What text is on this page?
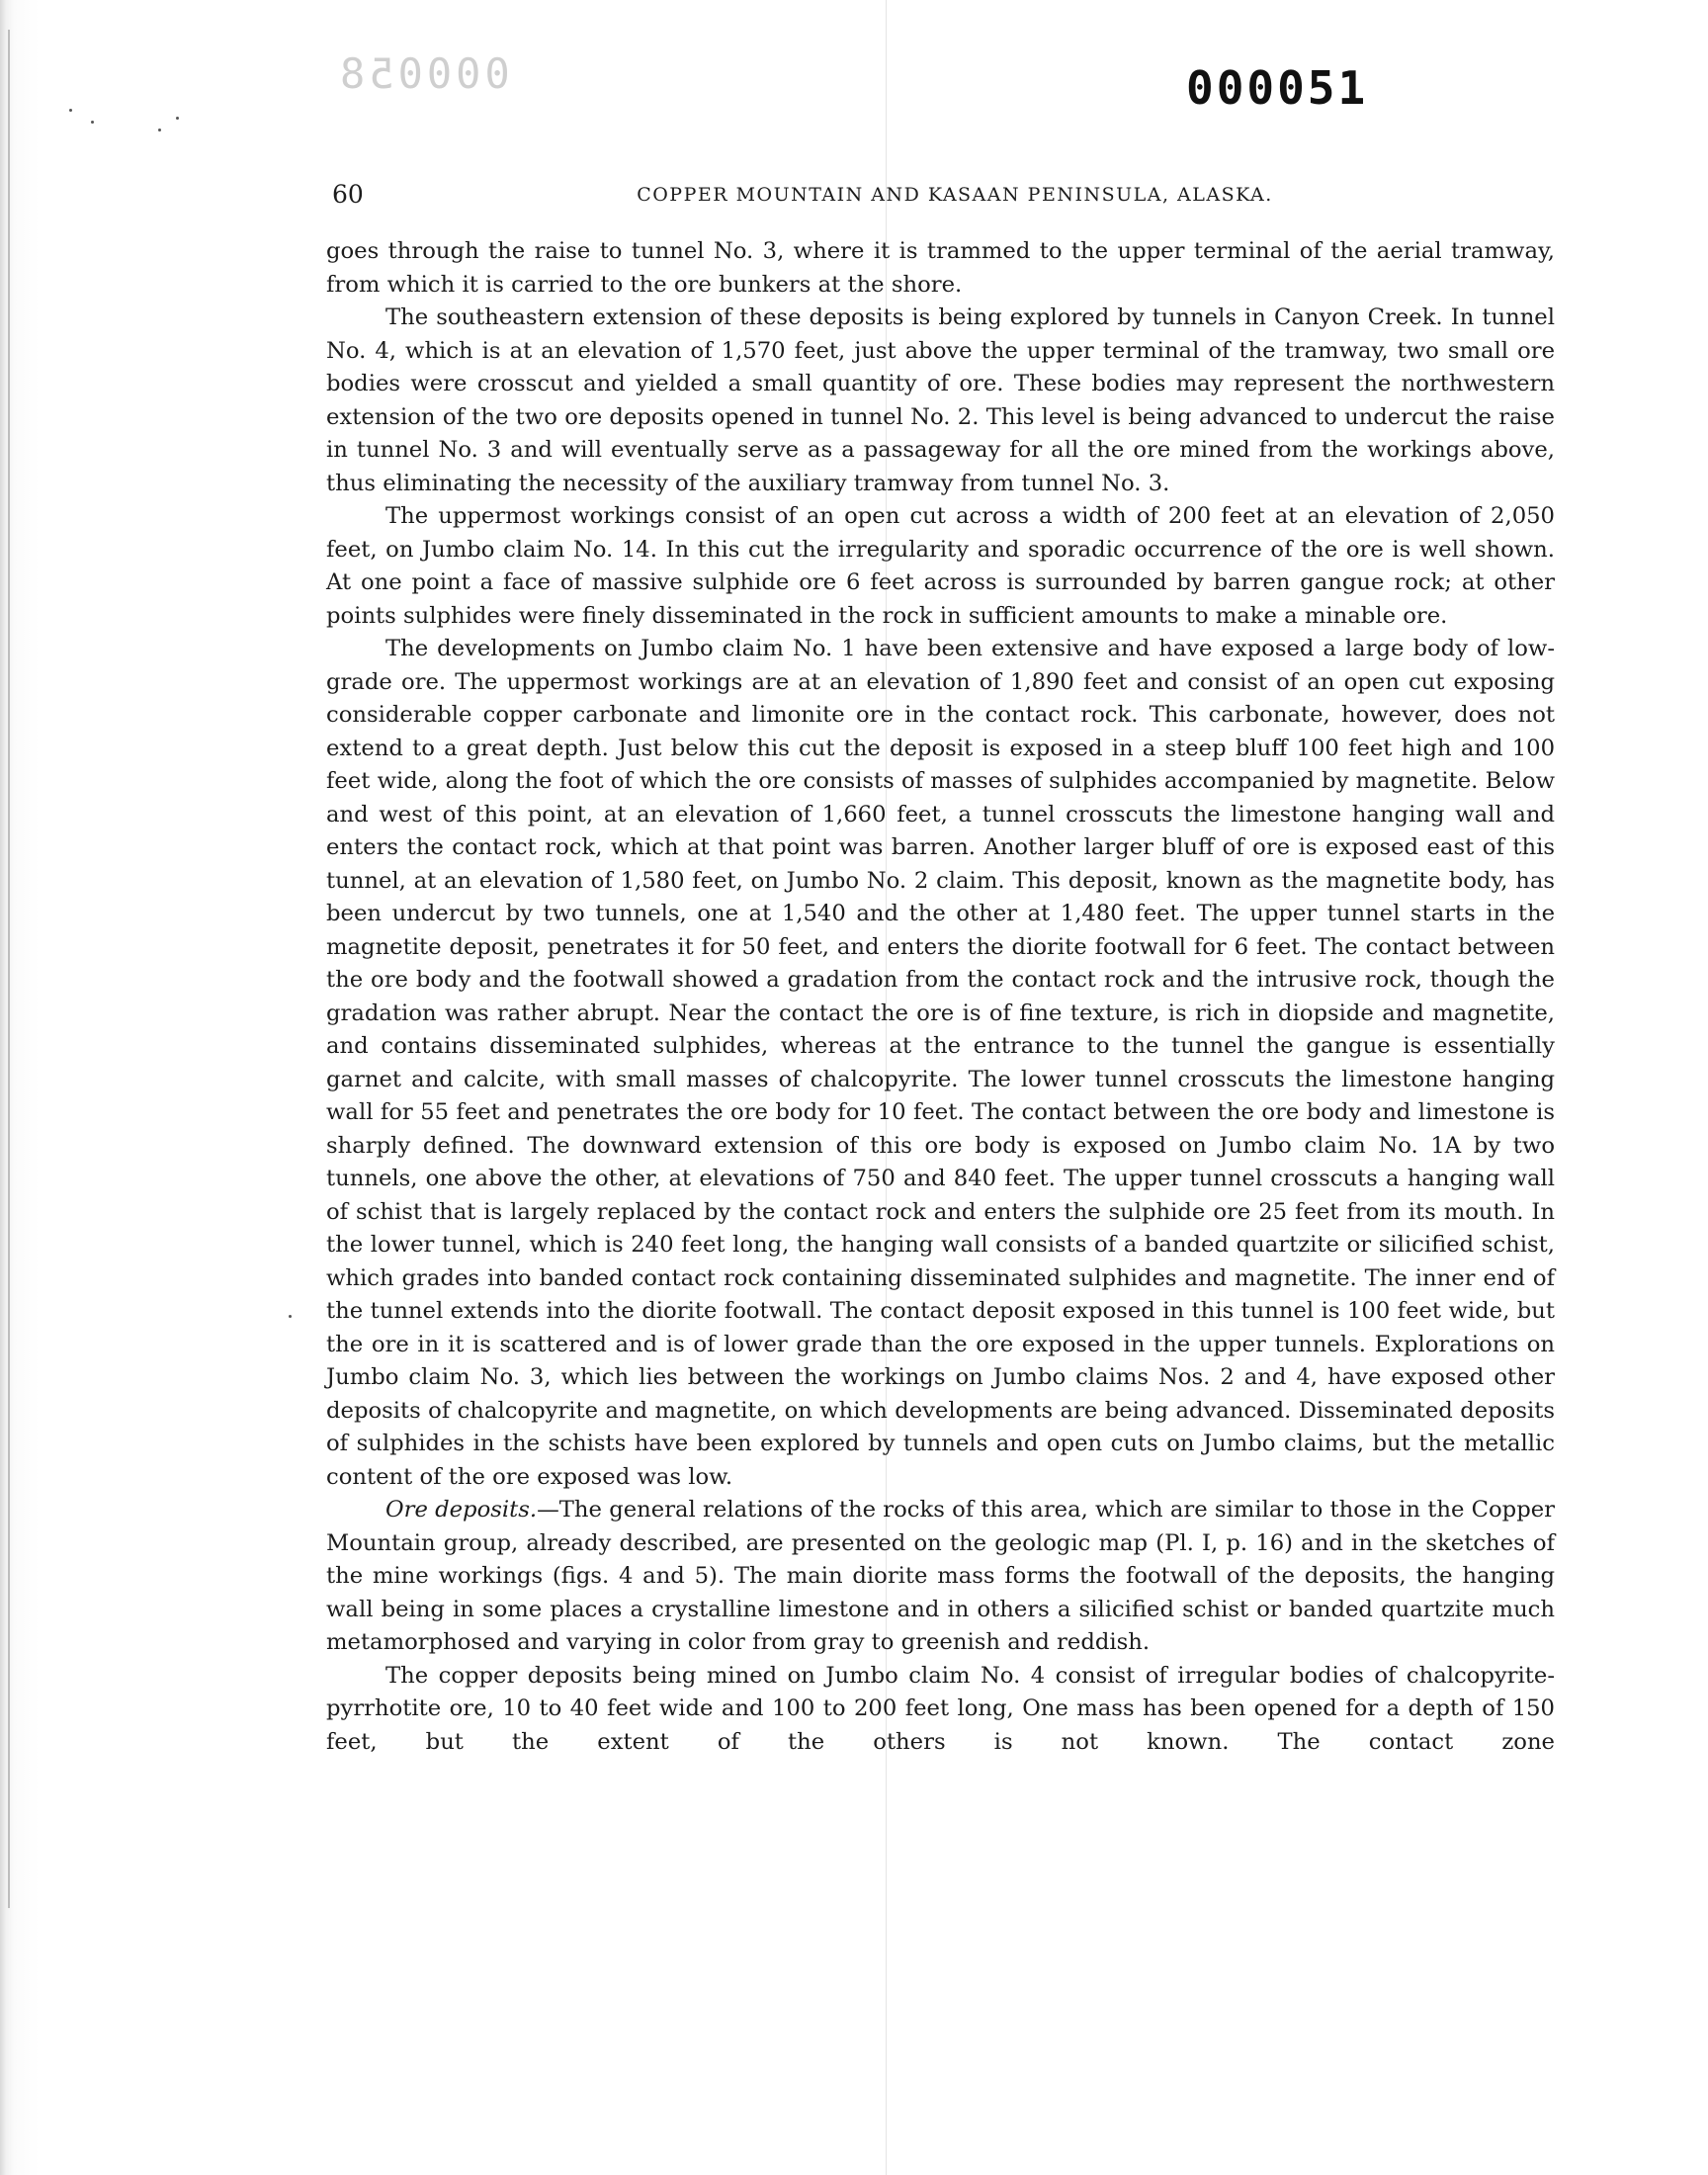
000058	000051
60	COPPER MOUNTAIN AND KASAAN PENINSULA, ALASKA.

goes through the raise to tunnel No. 3, where it is trammed to the upper terminal of the aerial tramway, from which it is carried to the ore bunkers at the shore.

The southeastern extension of these deposits is being explored by tunnels in Canyon Creek. In tunnel No. 4, which is at an elevation of 1,570 feet, just above the upper terminal of the tramway, two small ore bodies were crosscut and yielded a small quantity of ore. These bodies may represent the northwestern extension of the two ore deposits opened in tunnel No. 2. This level is being advanced to undercut the raise in tunnel No. 3 and will eventually serve as a passageway for all the ore mined from the workings above, thus eliminating the necessity of the auxiliary tramway from tunnel No. 3.

The uppermost workings consist of an open cut across a width of 200 feet at an elevation of 2,050 feet, on Jumbo claim No. 14. In this cut the irregularity and sporadic occurrence of the ore is well shown. At one point a face of massive sulphide ore 6 feet across is surrounded by barren gangue rock; at other points sulphides were finely disseminated in the rock in sufficient amounts to make a minable ore.

The developments on Jumbo claim No. 1 have been extensive and have exposed a large body of low-grade ore. The uppermost workings are at an elevation of 1,890 feet and consist of an open cut exposing considerable copper carbonate and limonite ore in the contact rock. This carbonate, however, does not extend to a great depth. Just below this cut the deposit is exposed in a steep bluff 100 feet high and 100 feet wide, along the foot of which the ore consists of masses of sulphides accompanied by magnetite. Below and west of this point, at an elevation of 1,660 feet, a tunnel crosscuts the limestone hanging wall and enters the contact rock, which at that point was barren. Another larger bluff of ore is exposed east of this tunnel, at an elevation of 1,580 feet, on Jumbo No. 2 claim. This deposit, known as the magnetite body, has been undercut by two tunnels, one at 1,540 and the other at 1,480 feet. The upper tunnel starts in the magnetite deposit, penetrates it for 50 feet, and enters the diorite footwall for 6 feet. The contact between the ore body and the footwall showed a gradation from the contact rock and the intrusive rock, though the gradation was rather abrupt. Near the contact the ore is of fine texture, is rich in diopside and magnetite, and contains disseminated sulphides, whereas at the entrance to the tunnel the gangue is essentially garnet and calcite, with small masses of chalcopyrite. The lower tunnel crosscuts the limestone hanging wall for 55 feet and penetrates the ore body for 10 feet. The contact between the ore body and limestone is sharply defined. The downward extension of this ore body is exposed on Jumbo claim No. 1A by two tunnels, one above the other, at elevations of 750 and 840 feet. The upper tunnel crosscuts a hanging wall of schist that is largely replaced by the contact rock and enters the sulphide ore 25 feet from its mouth. In the lower tunnel, which is 240 feet long, the hanging wall consists of a banded quartzite or silicified schist, which grades into banded contact rock containing disseminated sulphides and magnetite. The inner end of the tunnel extends into the diorite footwall. The contact deposit exposed in this tunnel is 100 feet wide, but the ore in it is scattered and is of lower grade than the ore exposed in the upper tunnels. Explorations on Jumbo claim No. 3, which lies between the workings on Jumbo claims Nos. 2 and 4, have exposed other deposits of chalcopyrite and magnetite, on which developments are being advanced. Disseminated deposits of sulphides in the schists have been explored by tunnels and open cuts on Jumbo claims, but the metallic content of the ore exposed was low.

Ore deposits.—The general relations of the rocks of this area, which are similar to those in the Copper Mountain group, already described, are presented on the geologic map (Pl. I, p. 16) and in the sketches of the mine workings (figs. 4 and 5). The main diorite mass forms the footwall of the deposits, the hanging wall being in some places a crystalline limestone and in others a silicified schist or banded quartzite much metamorphosed and varying in color from gray to greenish and reddish.

The copper deposits being mined on Jumbo claim No. 4 consist of irregular bodies of chalcopyrite-pyrrhotite ore, 10 to 40 feet wide and 100 to 200 feet long, One mass has been opened for a depth of 150 feet, but the extent of the others is not known. The contact zone
